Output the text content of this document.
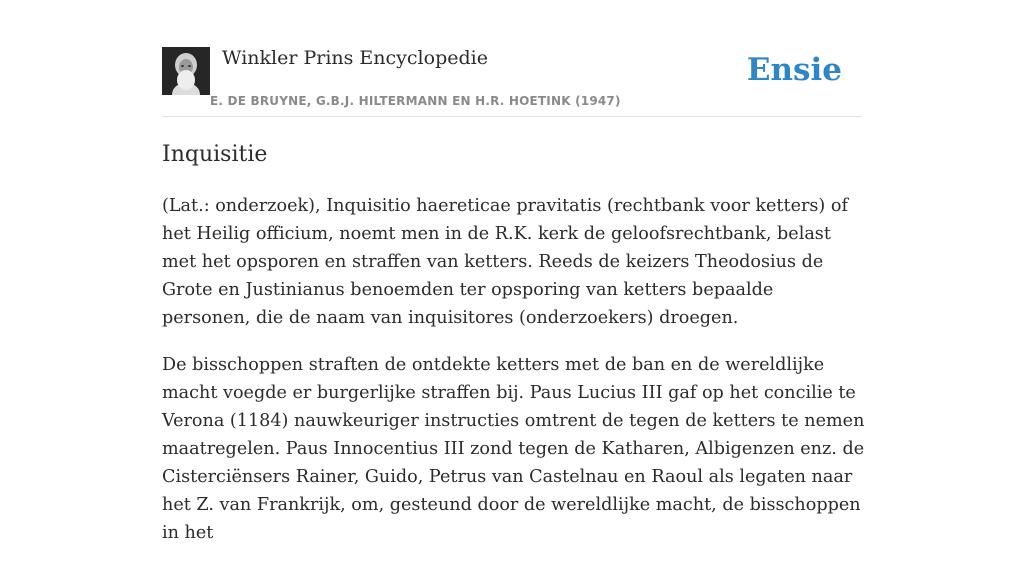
Winkler Prins Encyclopedie
E. DE BRUYNE, G.B.J. HILTERMANN EN H.R. HOETINK (1947)
Ensie
Inquisitie

(Lat.: onderzoek), Inquisitio haereticae pravitatis (rechtbank voor ketters) of het Heilig officium, noemt men in de R.K. kerk de geloofsrechtbank, belast met het opsporen en straffen van ketters. Reeds de keizers Theodosius de Grote en Justinianus benoemden ter opsporing van ketters bepaalde personen, die de naam van inquisitores (onderzoekers) droegen.

De bisschoppen straften de ontdekte ketters met de ban en de wereldlijke macht voegde er burgerlijke straffen bij. Paus Lucius III gaf op het concilie te Verona (1184) nauwkeuriger instructies omtrent de tegen de ketters te nemen maatregelen. Paus Innocentius III zond tegen de Katharen, Albigenzen enz. de Cisterciënsers Rainer, Guido, Petrus van Castelnau en Raoul als legaten naar het Z. van Frankrijk, om, gesteund door de wereldlijke macht, de bisschoppen in het
